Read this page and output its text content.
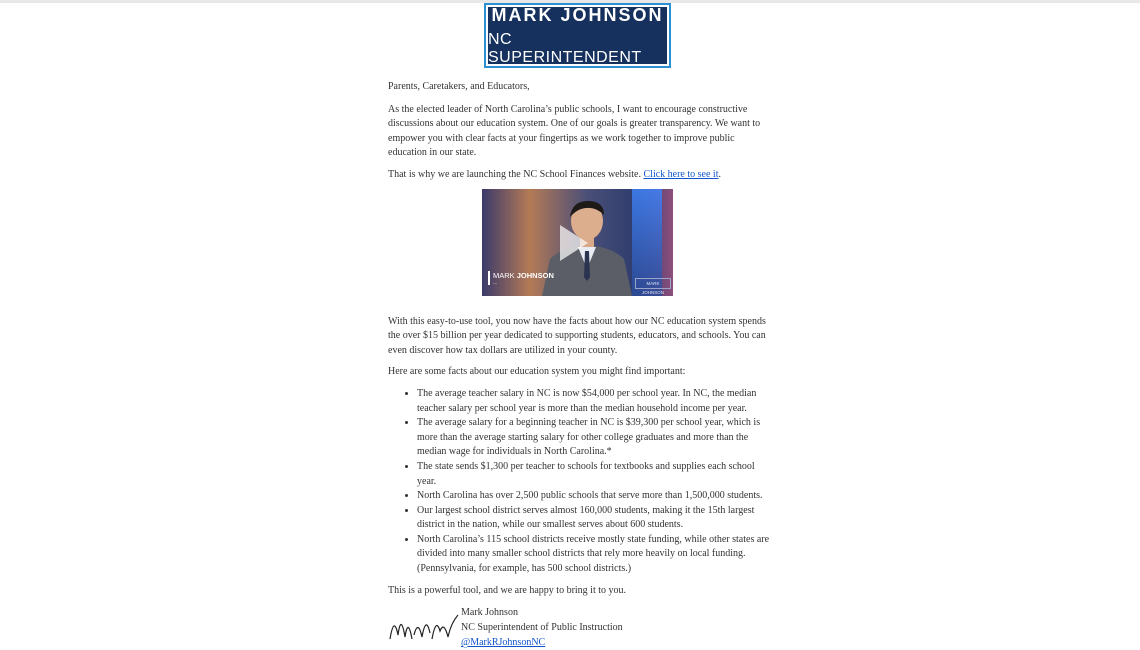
MARK JOHNSON
NC SUPERINTENDENT

Parents, Caretakers, and Educators,

As the elected leader of North Carolina’s public schools, I want to encourage constructive discussions about our education system. One of our goals is greater transparency. We want to empower you with clear facts at your fingertips as we work together to improve public education in our state.

That is why we are launching the NC School Finances website. Click here to see it.

MARK JOHNSON
—	MARK JOHNSON

With this easy-to-use tool, you now have the facts about how our NC education system spends the over $15 billion per year dedicated to supporting students, educators, and schools. You can even discover how tax dollars are utilized in your county.

Here are some facts about our education system you might find important:

• The average teacher salary in NC is now $54,000 per school year. In NC, the median teacher salary per school year is more than the median household income per year.
• The average salary for a beginning teacher in NC is $39,300 per school year, which is more than the average starting salary for other college graduates and more than the median wage for individuals in North Carolina.*
• The state sends $1,300 per teacher to schools for textbooks and supplies each school year.
• North Carolina has over 2,500 public schools that serve more than 1,500,000 students.
• Our largest school district serves almost 160,000 students, making it the 15th largest district in the nation, while our smallest serves about 600 students.
• North Carolina’s 115 school districts receive mostly state funding, while other states are divided into many smaller school districts that rely more heavily on local funding. (Pennsylvania, for example, has 500 school districts.)

This is a powerful tool, and we are happy to bring it to you.

Mark Johnson

NC Superintendent of Public Instruction

@MarkRJohnsonNC
